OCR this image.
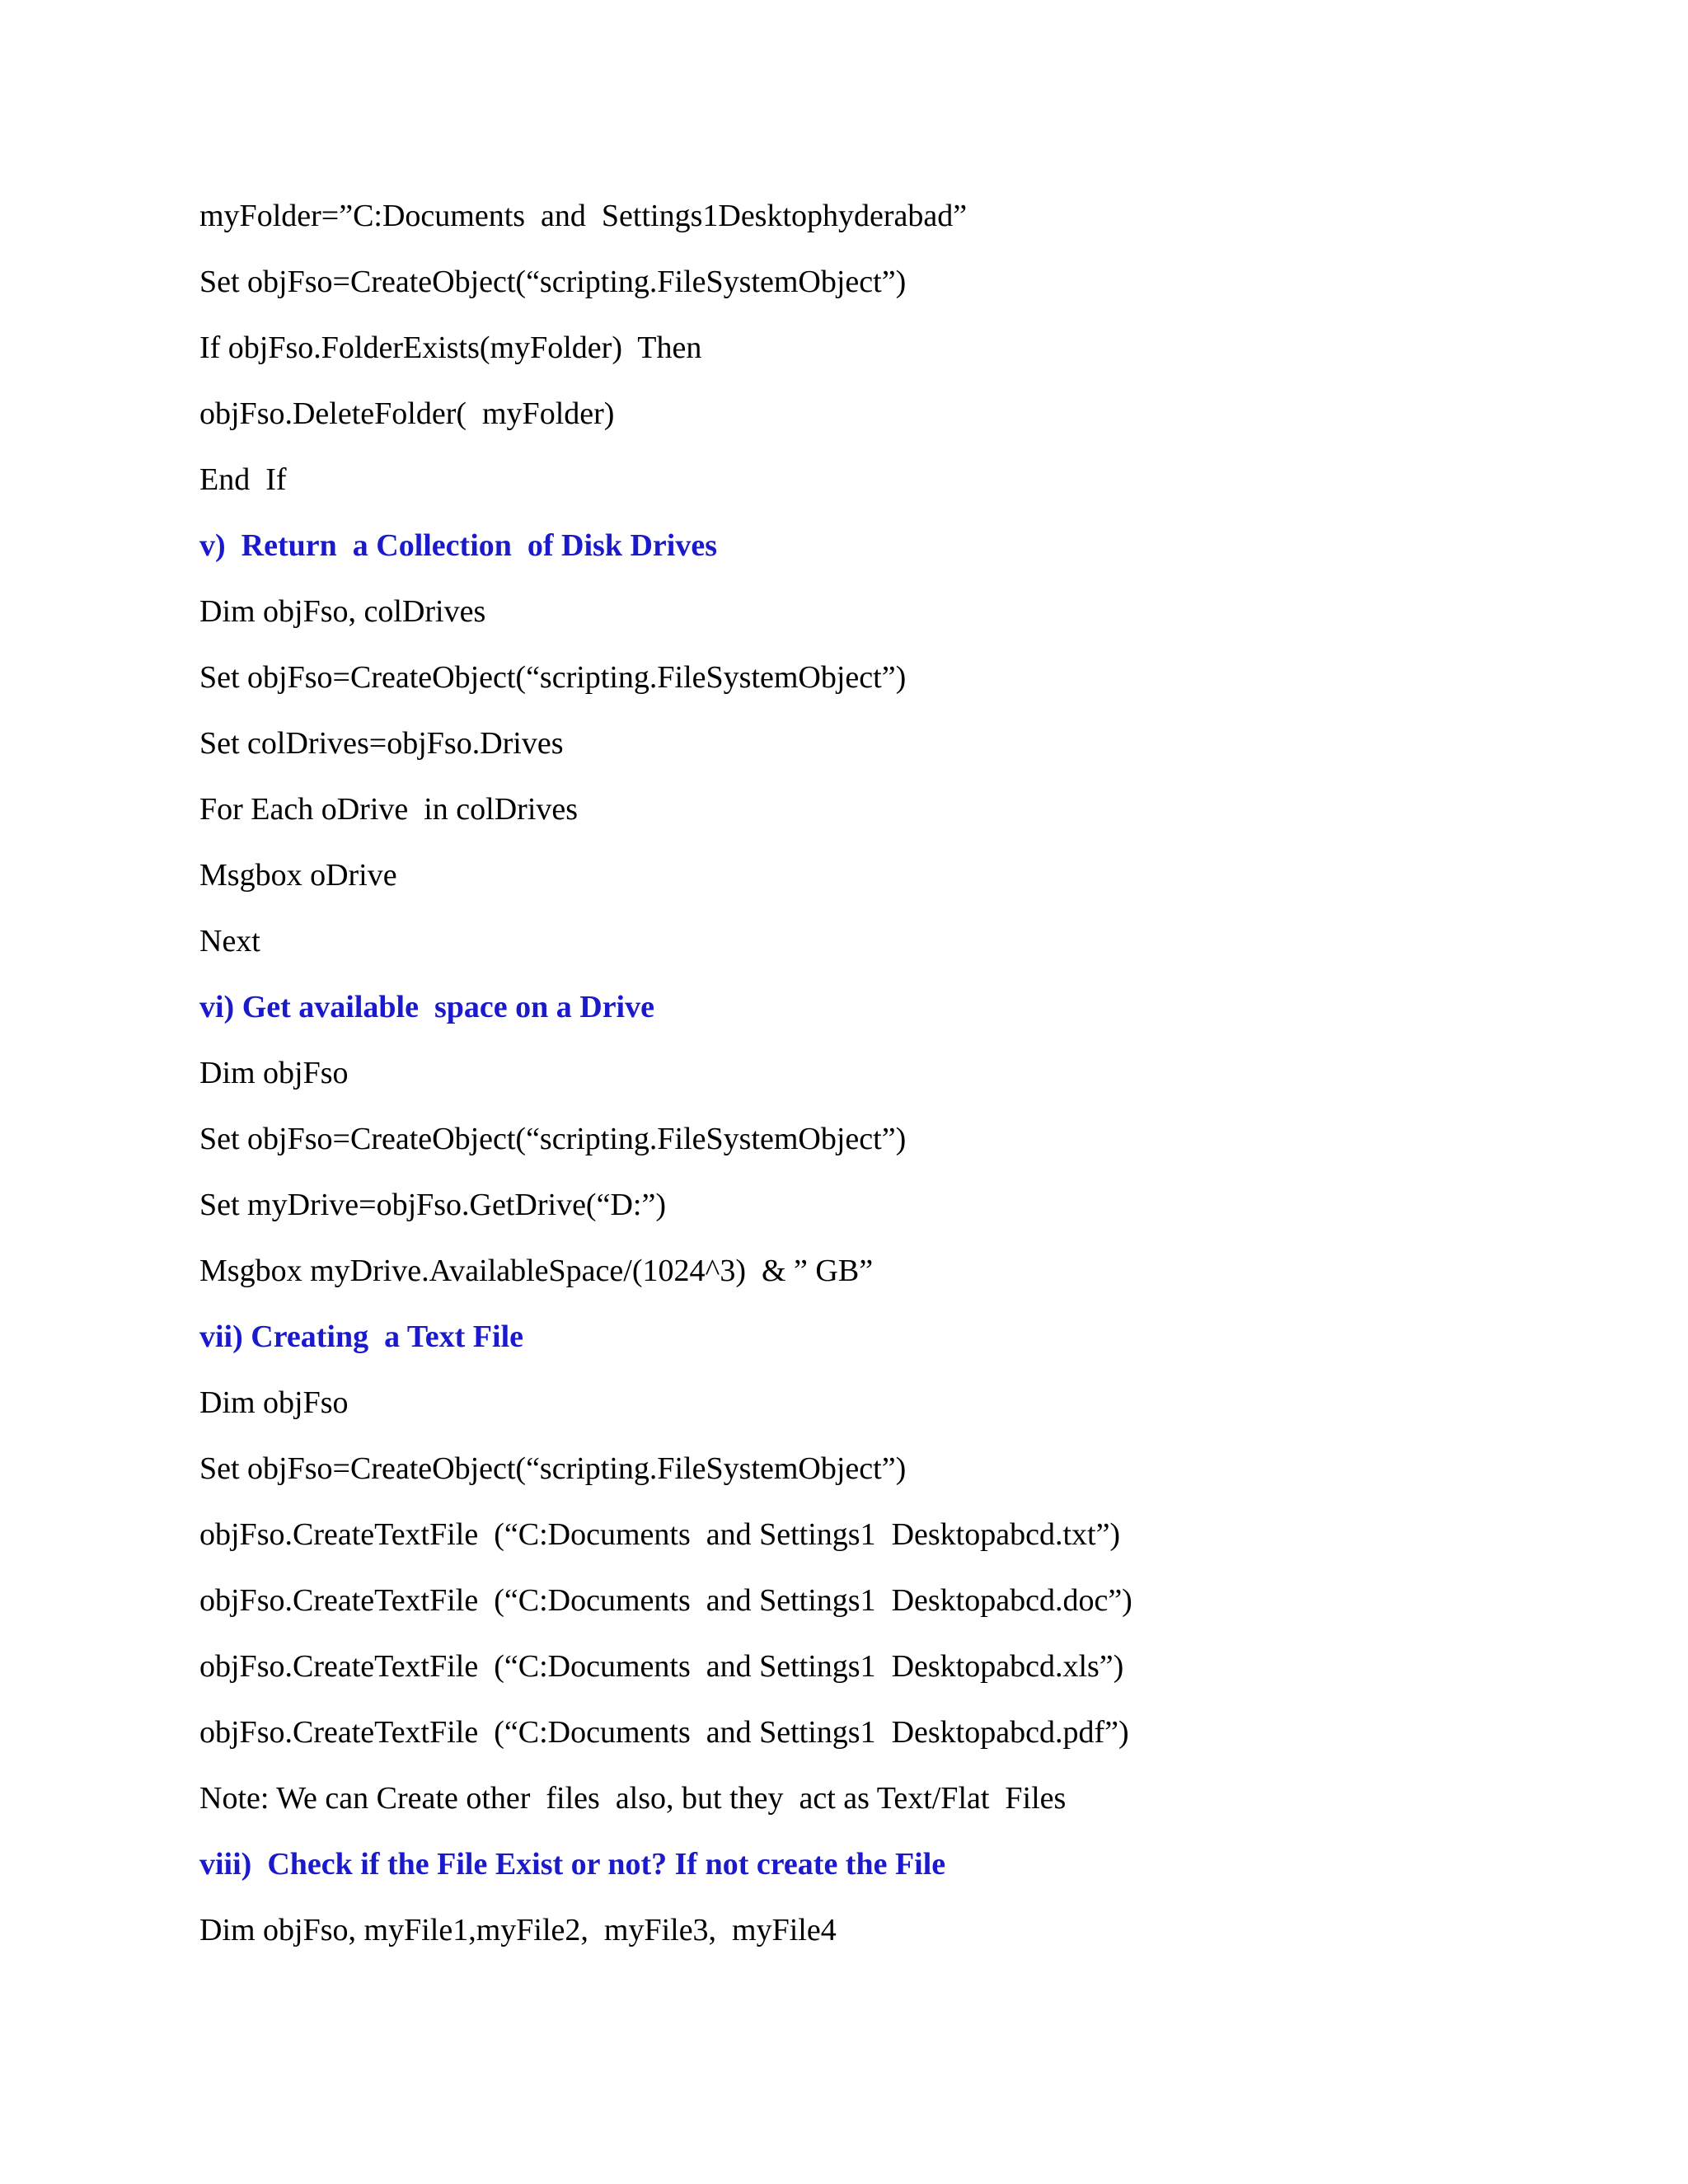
myFolder=”C:Documents  and  Settings1Desktophyderabad”
Set objFso=CreateObject(“scripting.FileSystemObject”)
If objFso.FolderExists(myFolder)  Then
objFso.DeleteFolder(  myFolder)
End  If
v)  Return  a Collection  of Disk Drives
Dim objFso, colDrives
Set objFso=CreateObject(“scripting.FileSystemObject”)
Set colDrives=objFso.Drives
For Each oDrive  in colDrives
Msgbox oDrive
Next
vi) Get available  space on a Drive
Dim objFso
Set objFso=CreateObject(“scripting.FileSystemObject”)
Set myDrive=objFso.GetDrive(“D:”)
Msgbox myDrive.AvailableSpace/(1024^3)  & ” GB”
vii) Creating  a Text File
Dim objFso
Set objFso=CreateObject(“scripting.FileSystemObject”)
objFso.CreateTextFile  (“C:Documents  and Settings1  Desktopabcd.txt”)
objFso.CreateTextFile  (“C:Documents  and Settings1  Desktopabcd.doc”)
objFso.CreateTextFile  (“C:Documents  and Settings1  Desktopabcd.xls”)
objFso.CreateTextFile  (“C:Documents  and Settings1  Desktopabcd.pdf”)
Note: We can Create other  files  also, but they  act as Text/Flat  Files
viii)  Check if the File Exist or not? If not create the File
Dim objFso, myFile1,myFile2,  myFile3,  myFile4
